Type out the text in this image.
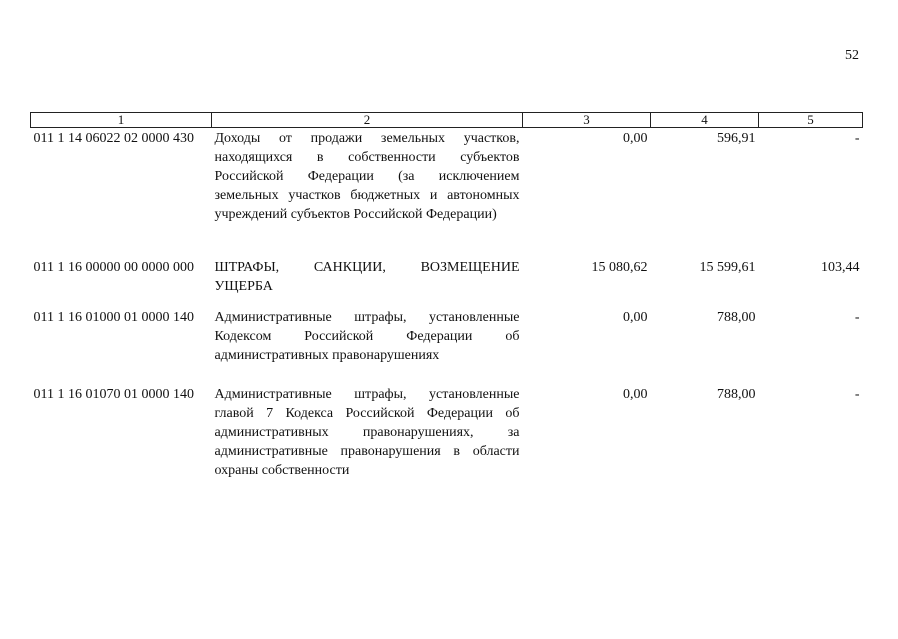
52
1	2	3	4	5
011 1 14 06022 02 0000 430	Доходы от продажи земельных участков,
находящихся в собственности субъектов
Российской Федерации (за исключением
земельных участков бюджетных и автономных
учреждений субъектов Российской Федерации)	0,00	596,91	-
011 1 16 00000 00 0000 000	ШТРАФЫ, САНКЦИИ, ВОЗМЕЩЕНИЕ
УЩЕРБА	15 080,62	15 599,61	103,44
011 1 16 01000 01 0000 140	Административные штрафы, установленные
Кодексом Российской Федерации об
административных правонарушениях	0,00	788,00	-
011 1 16 01070 01 0000 140	Административные штрафы, установленные
главой 7 Кодекса Российской Федерации об
административных правонарушениях, за
административные правонарушения в области
охраны собственности	0,00	788,00	-
